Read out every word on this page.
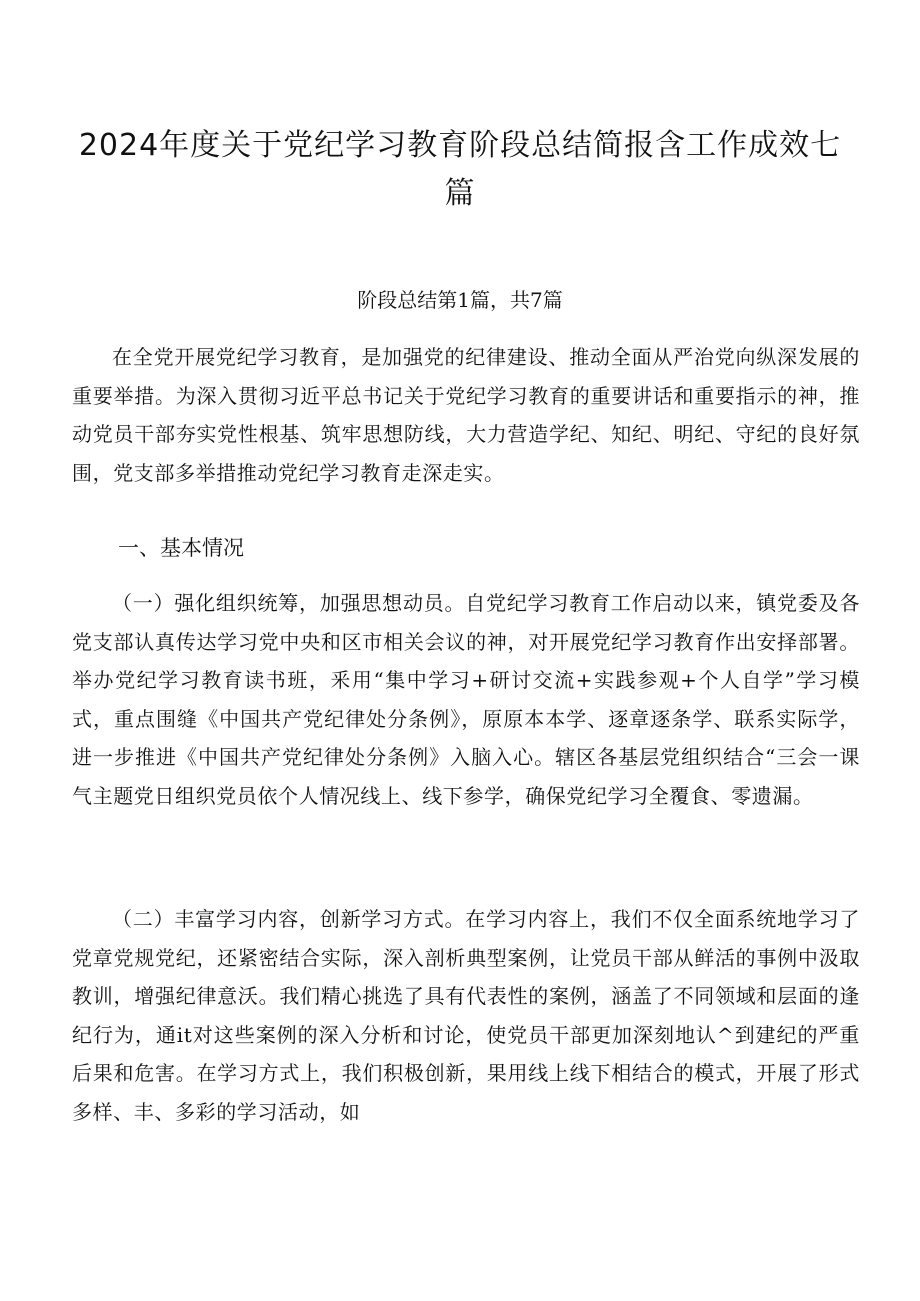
2024年度关于党纪学习教育阶段总结简报含工作成效七篇

阶段总结第1篇，共7篇

在全党开展党纪学习教育，是加强党的纪律建设、推动全面从严治党向纵深发展的重要举措。为深入贯彻习近平总书记关于党纪学习教育的重要讲话和重要指示的神，推动党员干部夯实党性根基、筑牢思想防线，大力营造学纪、知纪、明纪、守纪的良好氛围，党支部多举措推动党纪学习教育走深走实。

一、基本情况

（一）强化组织统筹，加强思想动员。自党纪学习教育工作启动以来，镇党委及各党支部认真传达学习党中央和区市相关会议的神，对开展党纪学习教育作出安择部署。举办党纪学习教育读书班，釆用“集中学习+研讨交流+实践参观+个人自学”学习模式，重点围缝《中国共产党纪律处分条例》，原原本本学、逐章逐条学、联系实际学，进一步推进《中国共产党纪律处分条例》入脑入心。辖区各基层党组织结合“三会一课气主题党日组织党员依个人情况线上、线下参学，确保党纪学习全覆食、零遗漏。

（二）丰富学习内容，创新学习方式。在学习内容上，我们不仅全面系统地学习了党章党规党纪，还紧密结合实际，深入剖析典型案例，让党员干部从鲜活的事例中汲取教训，增强纪律意沃。我们精心挑选了具有代表性的案例，涵盖了不同领域和层面的逢纪行为，通it对这些案例的深入分析和讨论，使党员干部更加深刻地认^到建纪的严重后果和危害。在学习方式上，我们积极创新，果用线上线下相结合的模式，开展了形式多样、丰、多彩的学习活动，如
